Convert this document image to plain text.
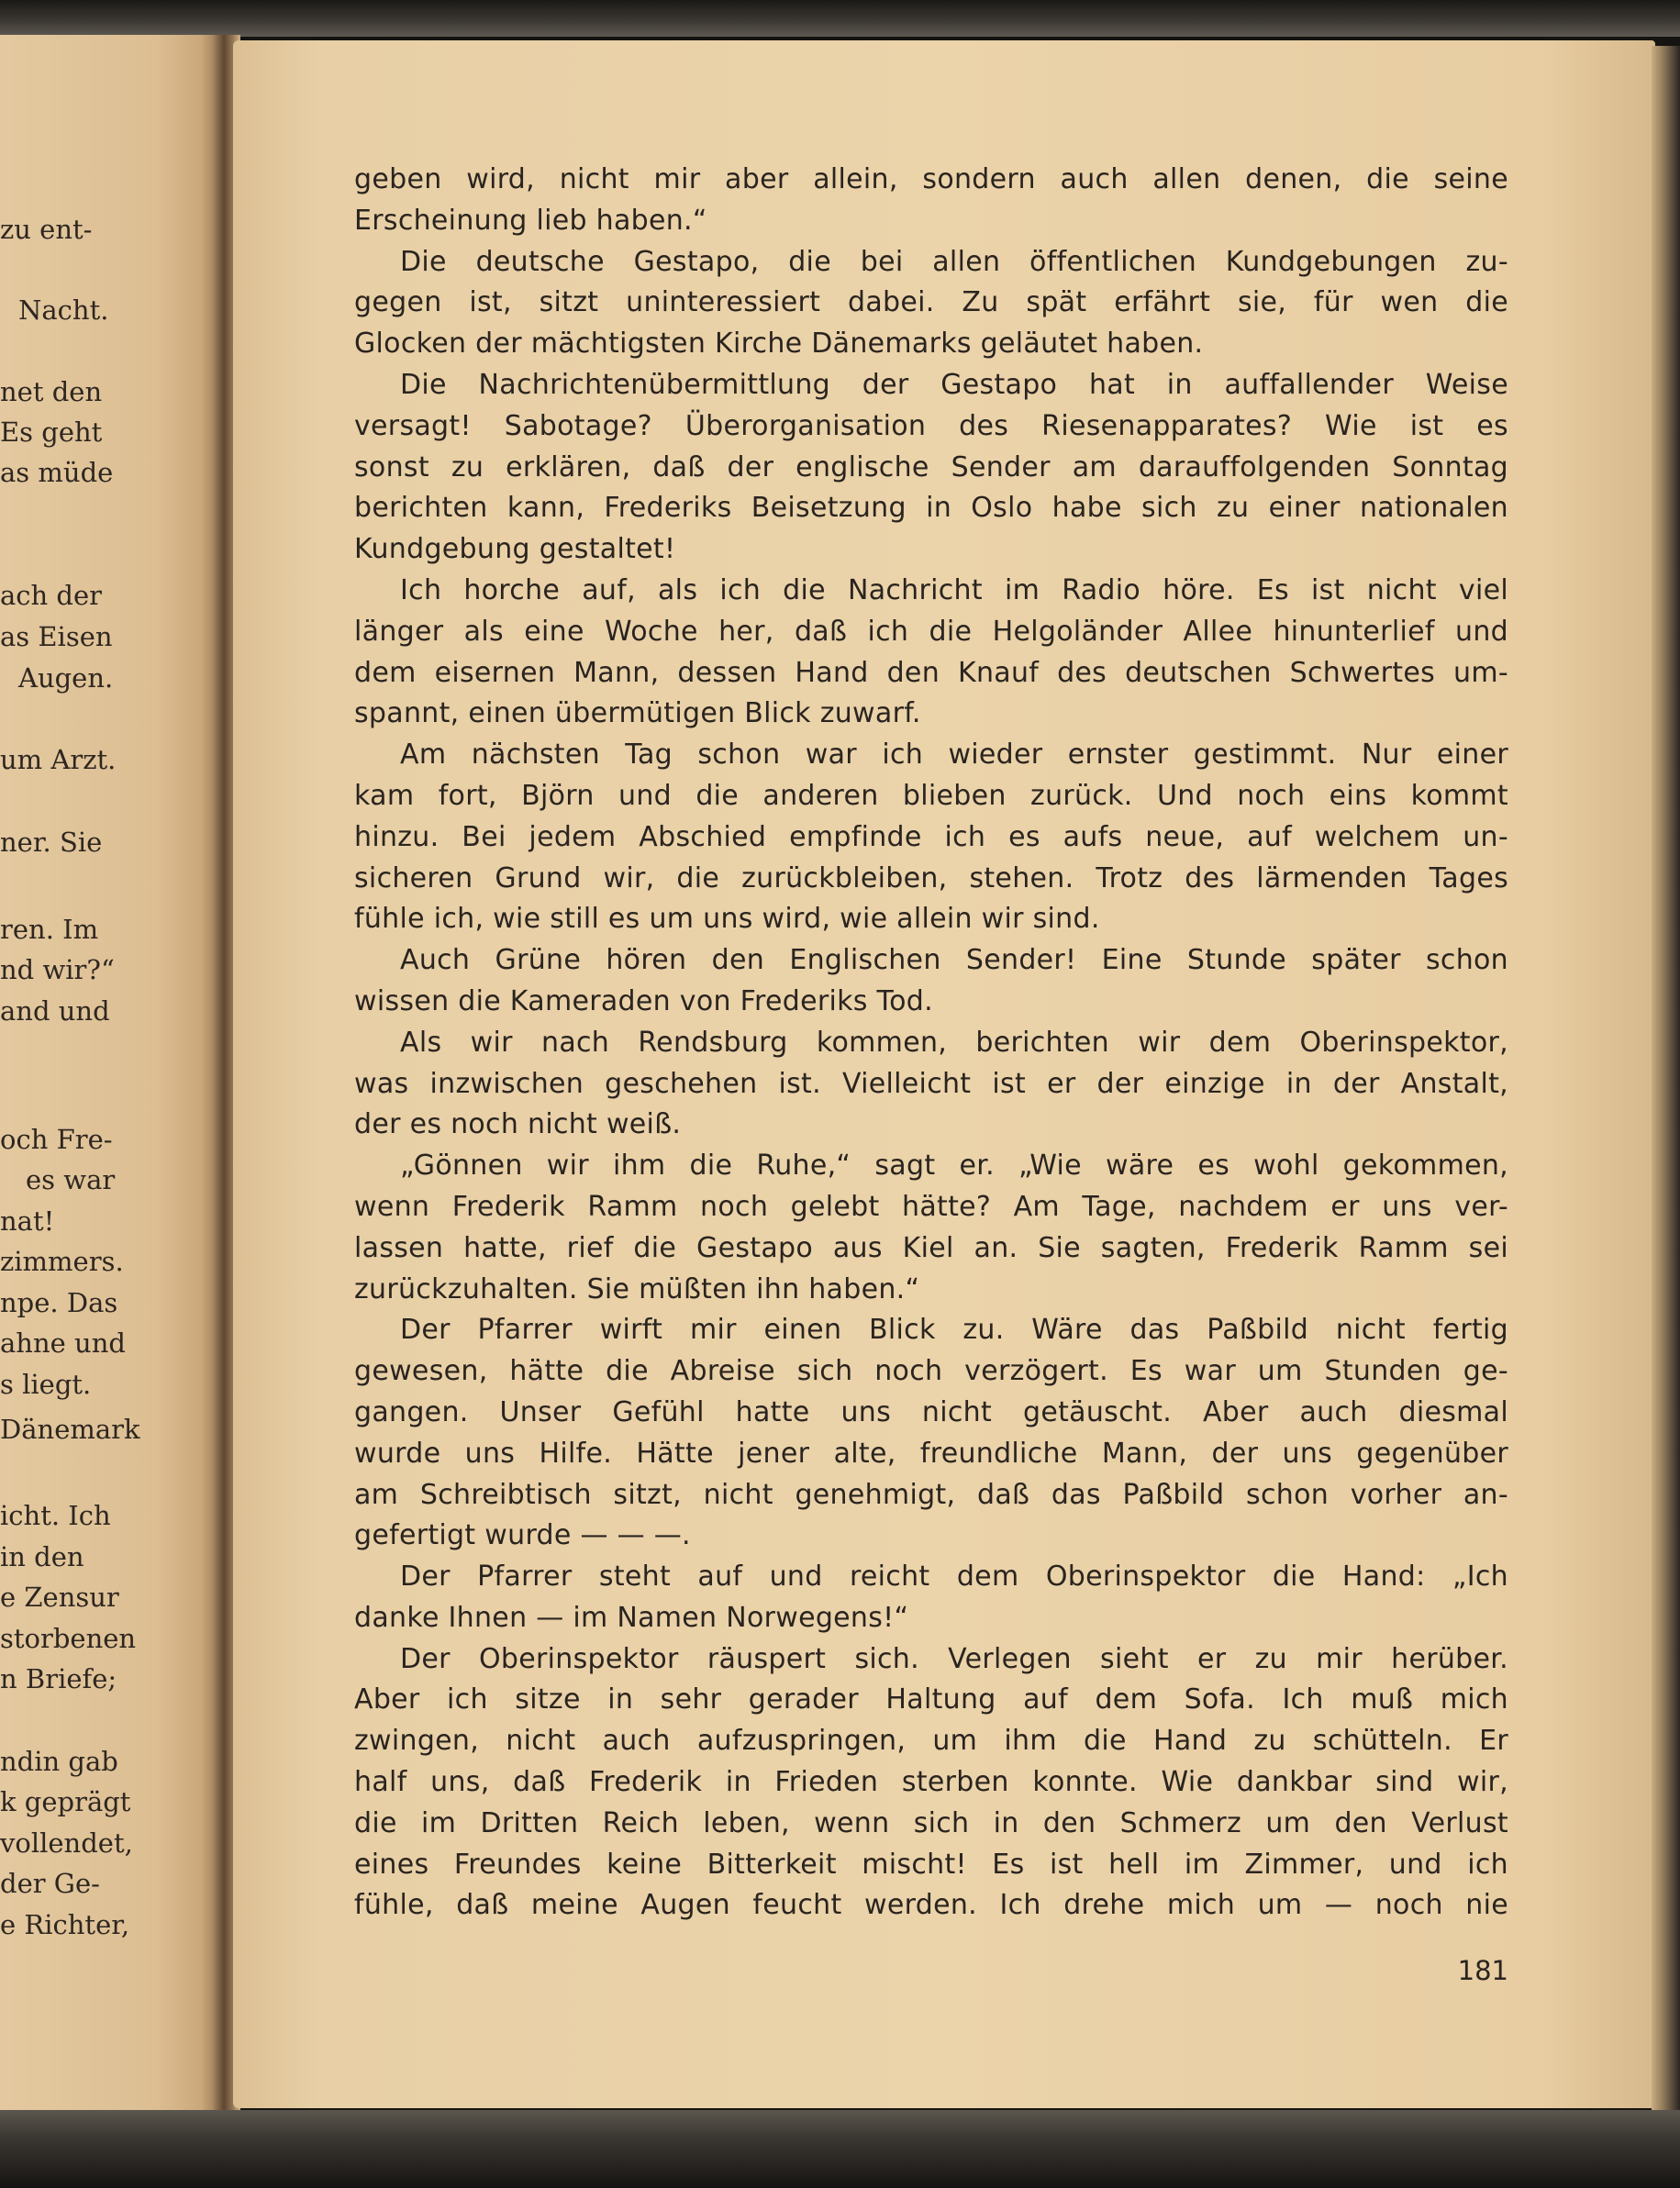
zu ent-
Nacht.
net den
Es geht
as müde
ach der
as Eisen
Augen.
um Arzt.
ner. Sie
ren. Im
nd wir?“
and und
och Fre-
es war
nat!
zimmers.
npe. Das
ahne und
s liegt.
Dänemark
icht. Ich
in den
e Zensur
storbenen
n Briefe;
ndin gab
k geprägt
vollendet,
der Ge-
e Richter,
geben wird, nicht mir aber allein, sondern auch allen denen, die seine
Erscheinung lieb haben.“
Die deutsche Gestapo, die bei allen öffentlichen Kundgebungen zu-
gegen ist, sitzt uninteressiert dabei. Zu spät erfährt sie, für wen die
Glocken der mächtigsten Kirche Dänemarks geläutet haben.
Die Nachrichtenübermittlung der Gestapo hat in auffallender Weise
versagt! Sabotage? Überorganisation des Riesenapparates? Wie ist es
sonst zu erklären, daß der englische Sender am darauffolgenden Sonntag
berichten kann, Frederiks Beisetzung in Oslo habe sich zu einer nationalen
Kundgebung gestaltet!
Ich horche auf, als ich die Nachricht im Radio höre. Es ist nicht viel
länger als eine Woche her, daß ich die Helgoländer Allee hinunterlief und
dem eisernen Mann, dessen Hand den Knauf des deutschen Schwertes um-
spannt, einen übermütigen Blick zuwarf.
Am nächsten Tag schon war ich wieder ernster gestimmt. Nur einer
kam fort, Björn und die anderen blieben zurück. Und noch eins kommt
hinzu. Bei jedem Abschied empfinde ich es aufs neue, auf welchem un-
sicheren Grund wir, die zurückbleiben, stehen. Trotz des lärmenden Tages
fühle ich, wie still es um uns wird, wie allein wir sind.
Auch Grüne hören den Englischen Sender! Eine Stunde später schon
wissen die Kameraden von Frederiks Tod.
Als wir nach Rendsburg kommen, berichten wir dem Oberinspektor,
was inzwischen geschehen ist. Vielleicht ist er der einzige in der Anstalt,
der es noch nicht weiß.
„Gönnen wir ihm die Ruhe,“ sagt er. „Wie wäre es wohl gekommen,
wenn Frederik Ramm noch gelebt hätte? Am Tage, nachdem er uns ver-
lassen hatte, rief die Gestapo aus Kiel an. Sie sagten, Frederik Ramm sei
zurückzuhalten. Sie müßten ihn haben.“
Der Pfarrer wirft mir einen Blick zu. Wäre das Paßbild nicht fertig
gewesen, hätte die Abreise sich noch verzögert. Es war um Stunden ge-
gangen. Unser Gefühl hatte uns nicht getäuscht. Aber auch diesmal
wurde uns Hilfe. Hätte jener alte, freundliche Mann, der uns gegenüber
am Schreibtisch sitzt, nicht genehmigt, daß das Paßbild schon vorher an-
gefertigt wurde — — —.
Der Pfarrer steht auf und reicht dem Oberinspektor die Hand: „Ich
danke Ihnen — im Namen Norwegens!“
Der Oberinspektor räuspert sich. Verlegen sieht er zu mir herüber.
Aber ich sitze in sehr gerader Haltung auf dem Sofa. Ich muß mich
zwingen, nicht auch aufzuspringen, um ihm die Hand zu schütteln. Er
half uns, daß Frederik in Frieden sterben konnte. Wie dankbar sind wir,
die im Dritten Reich leben, wenn sich in den Schmerz um den Verlust
eines Freundes keine Bitterkeit mischt! Es ist hell im Zimmer, und ich
fühle, daß meine Augen feucht werden. Ich drehe mich um — noch nie
181
